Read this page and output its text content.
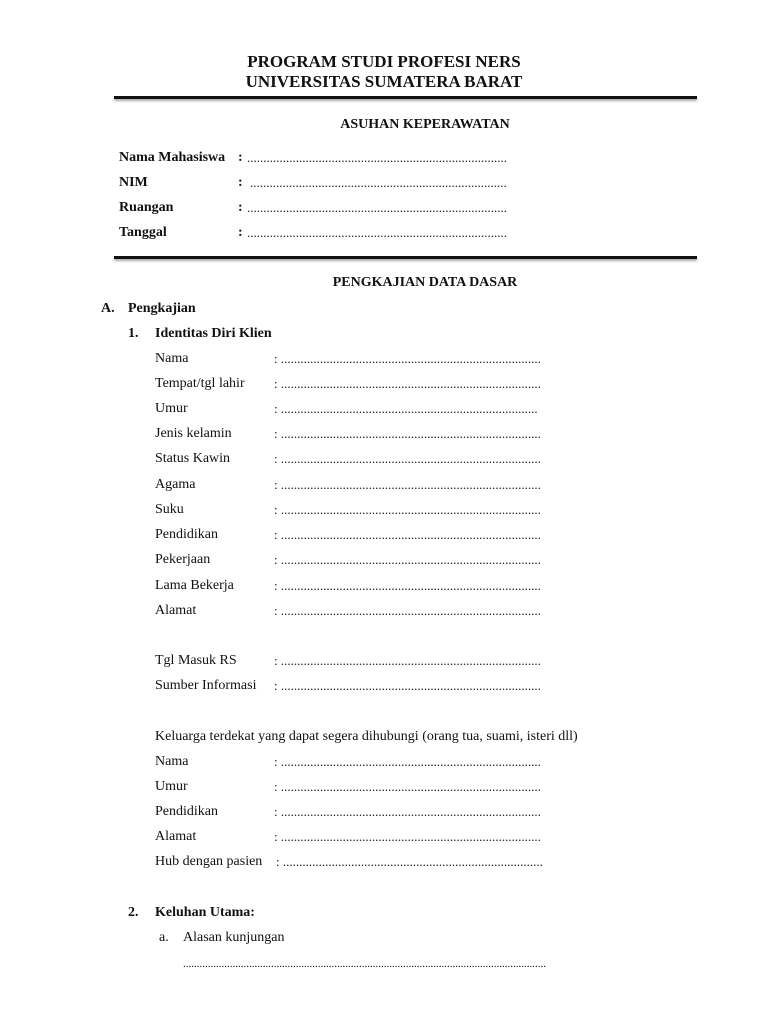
PROGRAM STUDI PROFESI NERS
UNIVERSITAS SUMATERA BARAT
ASUHAN KEPERAWATAN
Nama Mahasiswa : ................................................................................
NIM	: ...............................................................................
Ruangan	: ................................................................................
Tanggal	: ................................................................................
PENGKAJIAN DATA DASAR
A. Pengkajian
1. Identitas Diri Klien
Nama	: ................................................................................
Tempat/tgl lahir : ................................................................................
Umur	: ...............................................................................
Jenis kelamin	: ................................................................................
Status Kawin	: ................................................................................
Agama	: ................................................................................
Suku	: ................................................................................
Pendidikan	: ................................................................................
Pekerjaan	: ................................................................................
Lama Bekerja	: ................................................................................
Alamat	: ................................................................................
Tgl Masuk RS	: ................................................................................
Sumber Informasi : ................................................................................
Keluarga terdekat yang dapat segera dihubungi (orang tua, suami, isteri dll)
Nama	: ................................................................................
Umur	: ................................................................................
Pendidikan	: ................................................................................
Alamat	: ................................................................................
Hub dengan pasien : ................................................................................
2. Keluhan Utama:
a. Alasan kunjungan
....................................................................................................................................
